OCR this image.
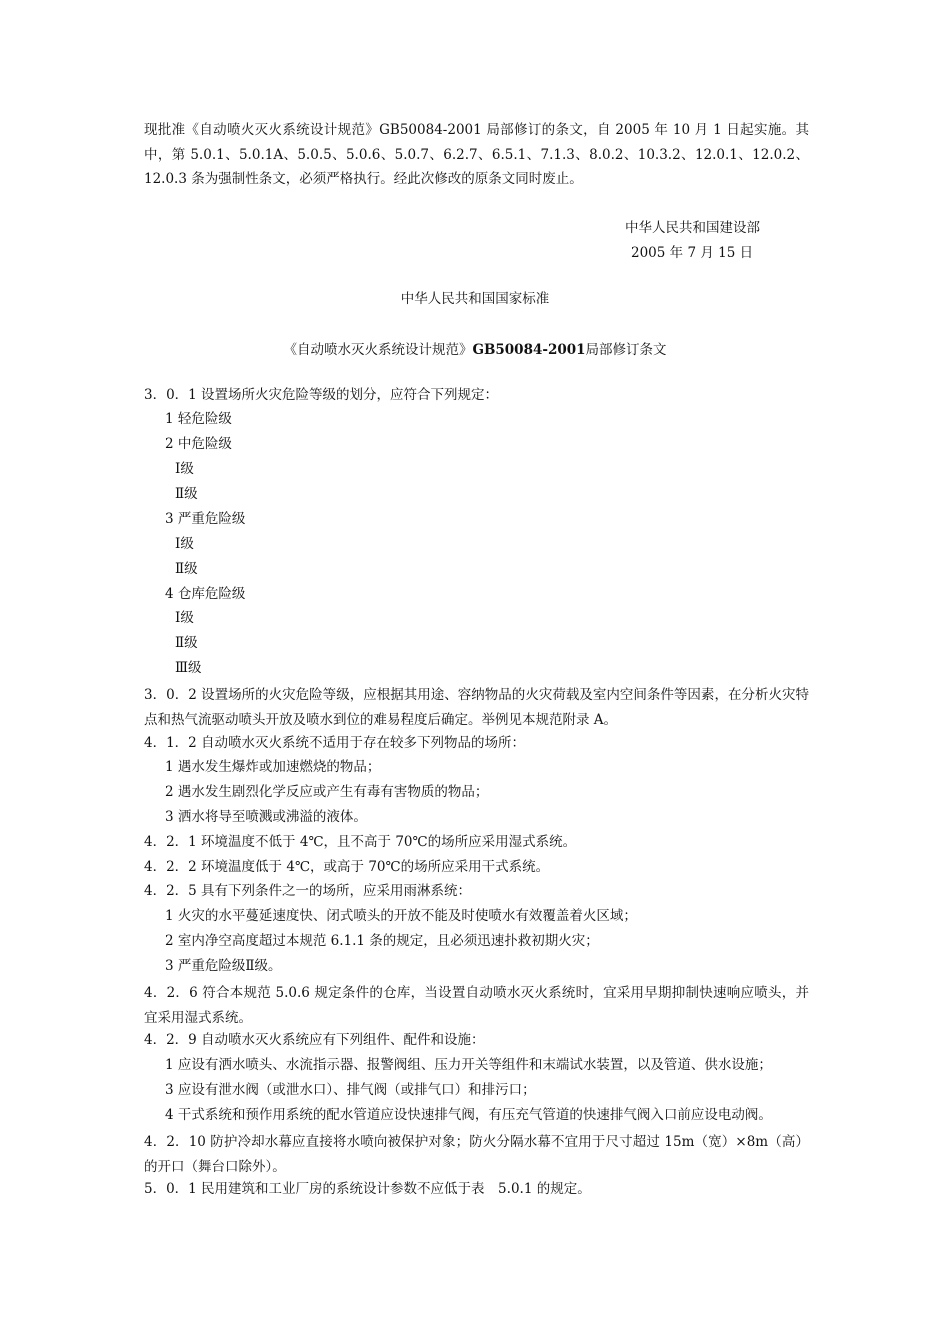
现批准《自动喷火灭火系统设计规范》GB50084-2001 局部修订的条文，自 2005 年 10 月 1 日起实施。其中，第 5.0.1、5.0.1A、5.0.5、5.0.6、5.0.7、6.2.7、6.5.1、7.1.3、8.0.2、10.3.2、12.0.1、12.0.2、12.0.3 条为强制性条文，必须严格执行。经此次修改的原条文同时废止。
中华人民共和国建设部
2005 年 7 月 15 日
中华人民共和国国家标准
《自动喷水灭火系统设计规范》GB50084-2001局部修订条文
3．0．1 设置场所火灾危险等级的划分，应符合下列规定：
1 轻危险级
2 中危险级
Ⅰ级
Ⅱ级
3 严重危险级
Ⅰ级
Ⅱ级
4 仓库危险级
Ⅰ级
Ⅱ级
Ⅲ级
3．0．2 设置场所的火灾危险等级，应根据其用途、容纳物品的火灾荷载及室内空间条件等因素，在分析火灾特点和热气流驱动喷头开放及喷水到位的难易程度后确定。举例见本规范附录 A。
4．1．2 自动喷水灭火系统不适用于存在较多下列物品的场所：
1 遇水发生爆炸或加速燃烧的物品；
2 遇水发生剧烈化学反应或产生有毒有害物质的物品；
3 洒水将导至喷溅或沸溢的液体。
4．2．1 环境温度不低于 4℃，且不高于 70℃的场所应采用湿式系统。
4．2．2 环境温度低于 4℃，或高于 70℃的场所应采用干式系统。
4．2．5 具有下列条件之一的场所，应采用雨淋系统：
1 火灾的水平蔓延速度快、闭式喷头的开放不能及时使喷水有效覆盖着火区域；
2 室内净空高度超过本规范 6.1.1 条的规定，且必须迅速扑救初期火灾；
3 严重危险级Ⅱ级。
4．2．6 符合本规范 5.0.6 规定条件的仓库，当设置自动喷水灭火系统时，宜采用早期抑制快速响应喷头，并宜采用湿式系统。
4．2．9 自动喷水灭火系统应有下列组件、配件和设施：
1 应设有洒水喷头、水流指示器、报警阀组、压力开关等组件和末端试水装置，以及管道、供水设施；
3 应设有泄水阀（或泄水口）、排气阀（或排气口）和排污口；
4 干式系统和预作用系统的配水管道应设快速排气阀，有压充气管道的快速排气阀入口前应设电动阀。
4．2．10 防护冷却水幕应直接将水喷向被保护对象；防火分隔水幕不宜用于尺寸超过 15m（宽）×8m（高）的开口（舞台口除外）。
5．0．1 民用建筑和工业厂房的系统设计参数不应低于表　5.0.1 的规定。
